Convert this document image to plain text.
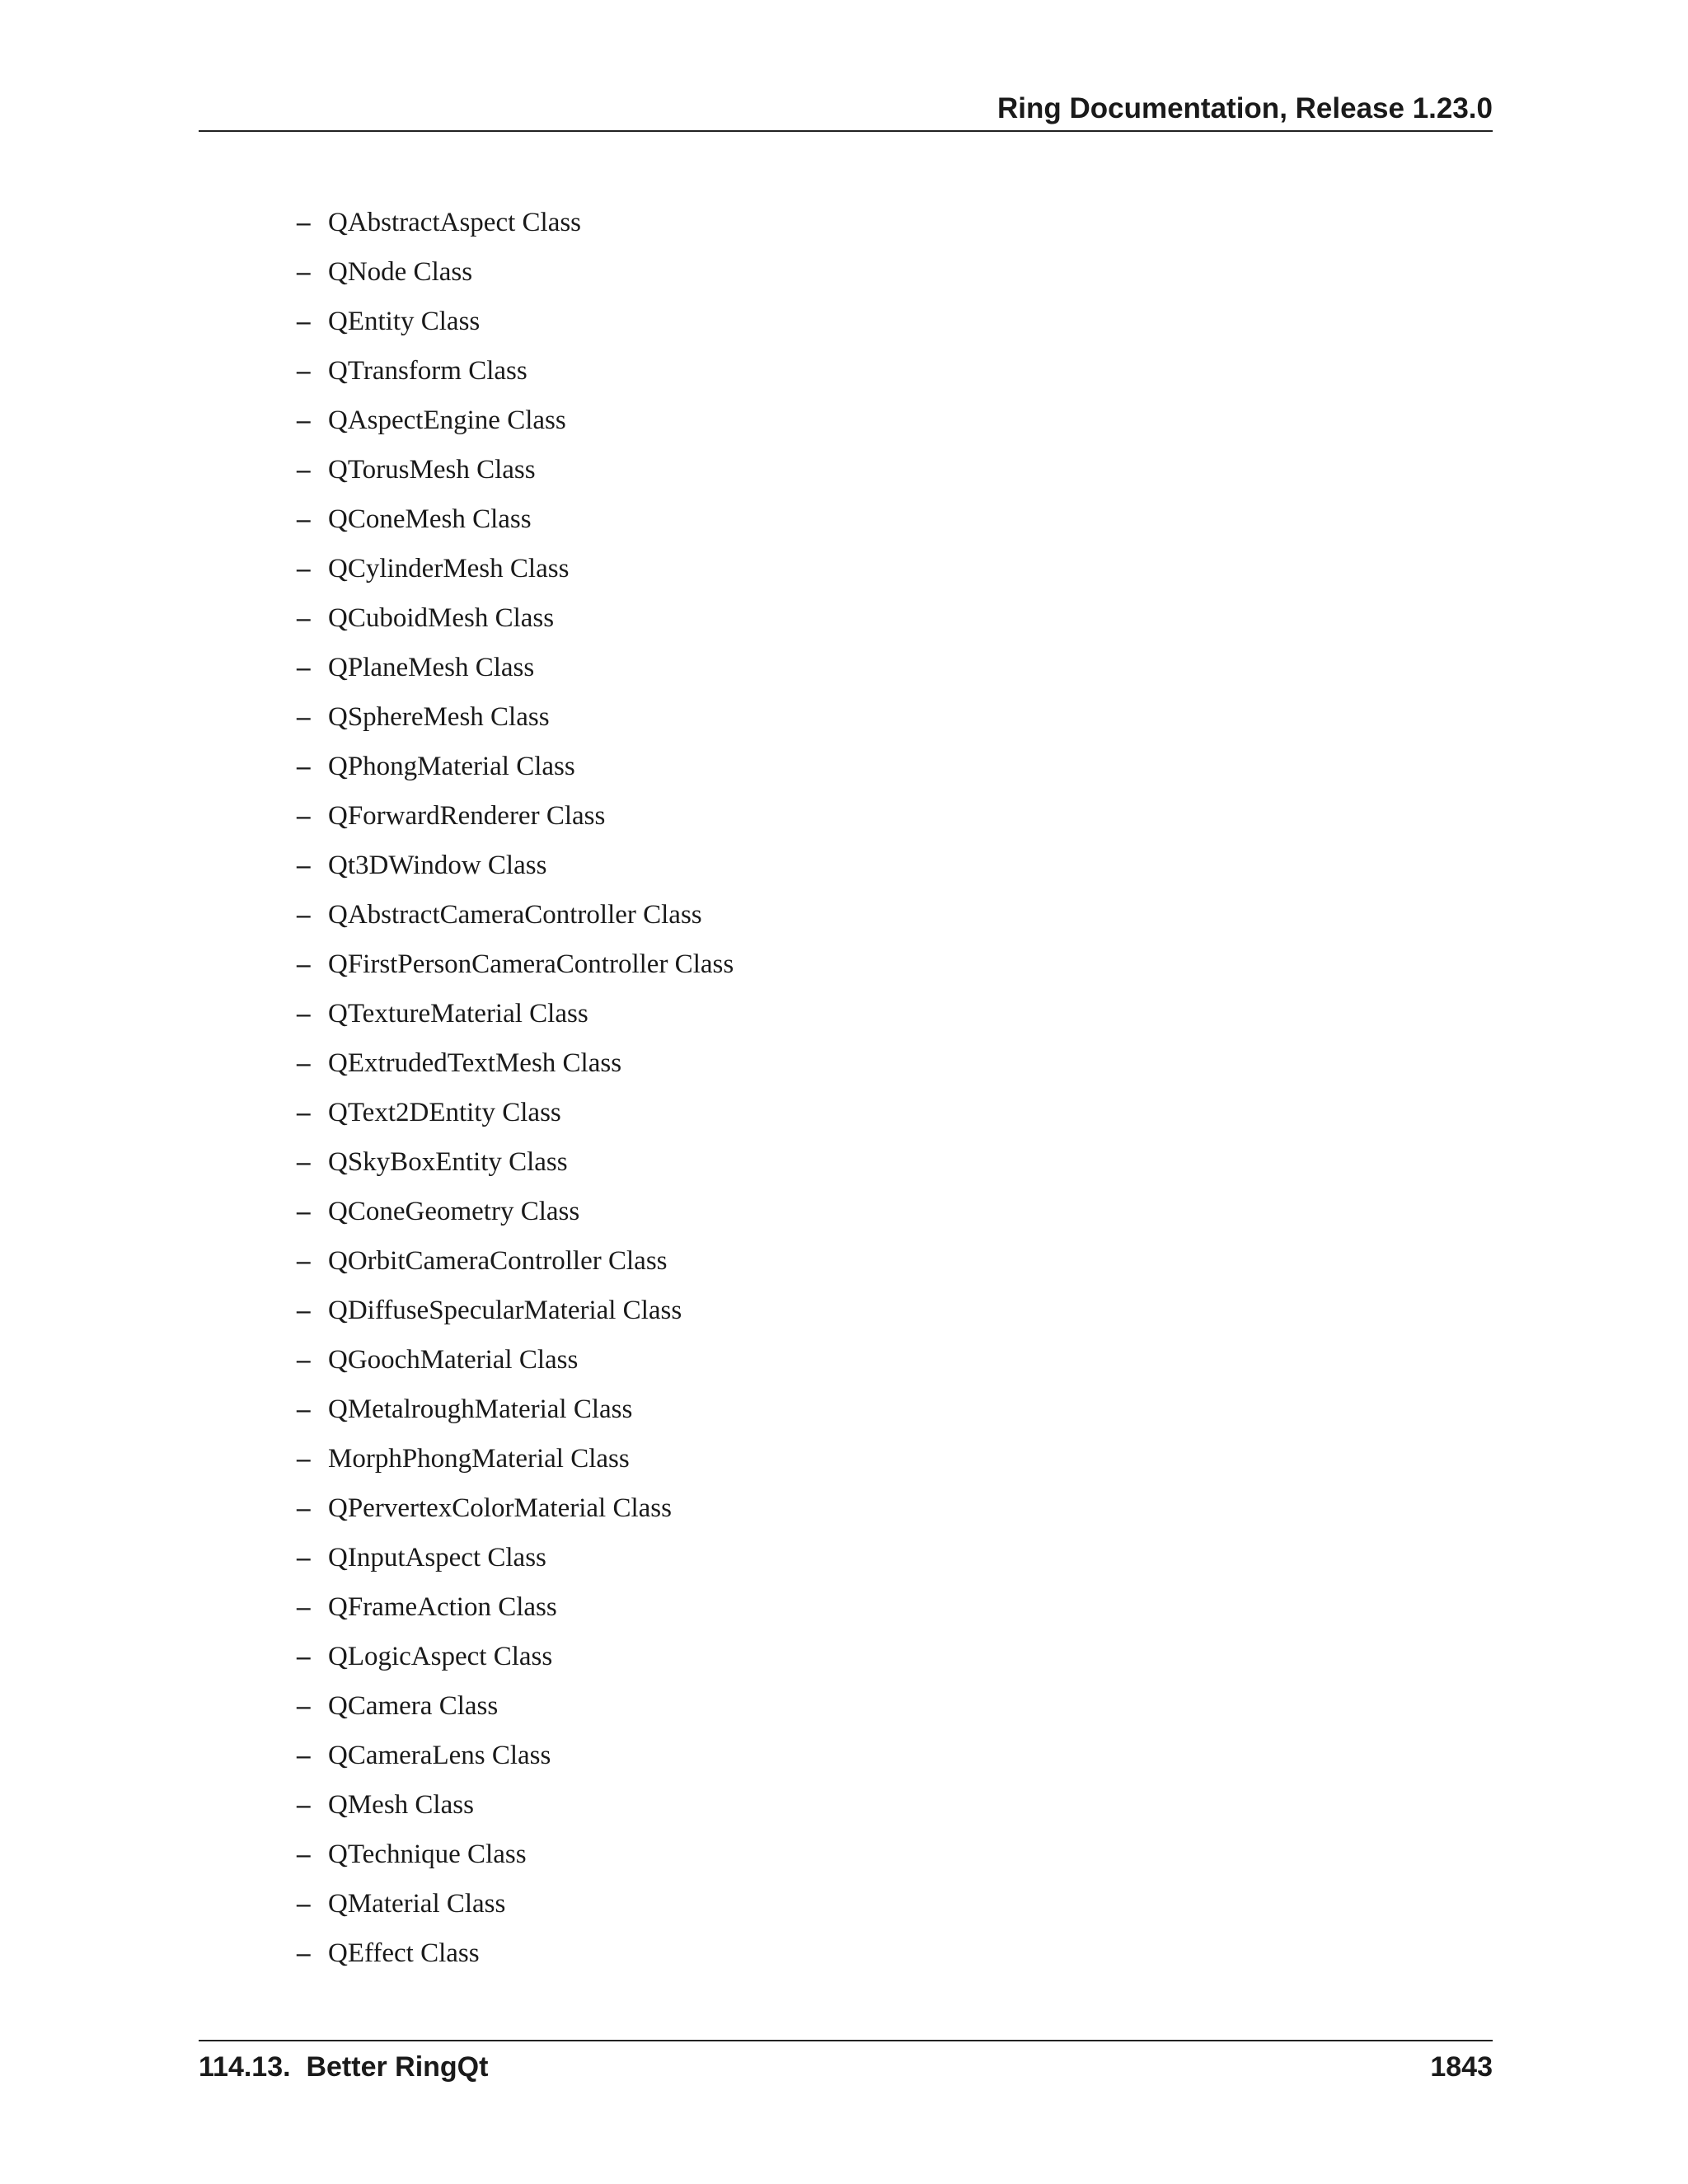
Ring Documentation, Release 1.23.0
– QAbstractAspect Class
– QNode Class
– QEntity Class
– QTransform Class
– QAspectEngine Class
– QTorusMesh Class
– QConeMesh Class
– QCylinderMesh Class
– QCuboidMesh Class
– QPlaneMesh Class
– QSphereMesh Class
– QPhongMaterial Class
– QForwardRenderer Class
– Qt3DWindow Class
– QAbstractCameraController Class
– QFirstPersonCameraController Class
– QTextureMaterial Class
– QExtrudedTextMesh Class
– QText2DEntity Class
– QSkyBoxEntity Class
– QConeGeometry Class
– QOrbitCameraController Class
– QDiffuseSpecularMaterial Class
– QGoochMaterial Class
– QMetalroughMaterial Class
– MorphPhongMaterial Class
– QPervertexColorMaterial Class
– QInputAspect Class
– QFrameAction Class
– QLogicAspect Class
– QCamera Class
– QCameraLens Class
– QMesh Class
– QTechnique Class
– QMaterial Class
– QEffect Class
114.13.  Better RingQt	1843
